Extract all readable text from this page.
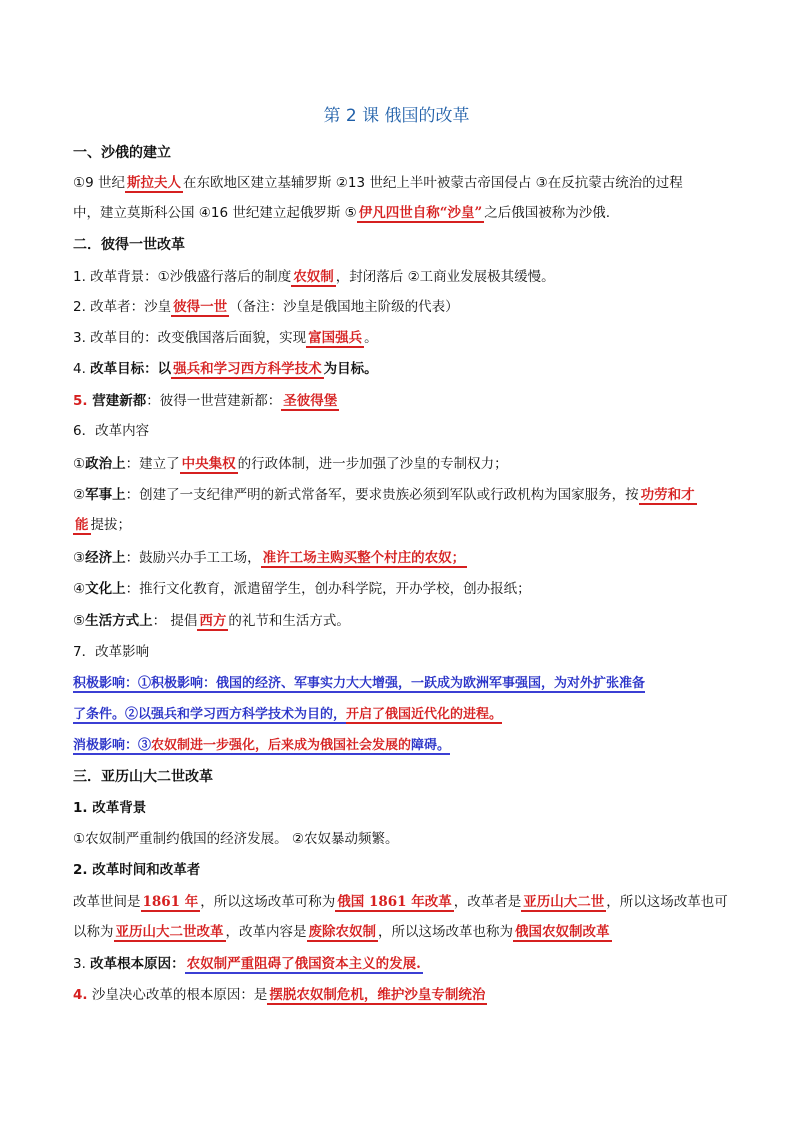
第 2 课 俄国的改革
一、沙俄的建立
①9 世纪 斯拉夫人 在东欧地区建立基辅罗斯 ②13 世纪上半叶被蒙古帝国侵占 ③在反抗蒙古统治的过程
中，建立莫斯科公国 ④16 世纪建立起俄罗斯 ⑤ 伊凡四世自称“沙皇” 之后俄国被称为沙俄.
二．彼得一世改革
1. 改革背景：①沙俄盛行落后的制度 农奴制 ，封闭落后 ②工商业发展极其缓慢。
2. 改革者：沙皇 彼得一世 （备注：沙皇是俄国地主阶级的代表）
3. 改革目的：改变俄国落后面貌，实现 富国强兵 。
4. 改革目标：以 强兵和学习西方科学技术 为目标。
5. 营建新都：彼得一世营建新都： 圣彼得堡
6．改革内容
①政治上：建立了 中央集权 的行政体制，进一步加强了沙皇的专制权力；
②军事上：创建了一支纪律严明的新式常备军，要求贵族必须到军队或行政机构为国家服务，按 功劳和才
能 提拔；
③经济上：鼓励兴办手工工场， 准许工场主购买整个村庄的农奴；
④文化上：推行文化教育，派遣留学生，创办科学院，开办学校，创办报纸；
⑤生活方式上： 提倡 西方 的礼节和生活方式。
7．改革影响
积极影响：①积极影响：俄国的经济、军事实力大大增强，一跃成为欧洲军事强国，为对外扩张准备
了条件。②以强兵和学习西方科学技术为目的，开启了俄国近代化的进程。
消极影响：③农奴制进一步强化，后来成为俄国社会发展的障碍。
三．亚历山大二世改革
1. 改革背景
①农奴制严重制约俄国的经济发展。 ②农奴暴动频繁。
2. 改革时间和改革者
改革世间是 1861 年 ，所以这场改革可称为 俄国 1861 年改革 ，改革者是 亚历山大二世 ，所以这场改革也可
以称为 亚历山大二世改革 ，改革内容是 废除农奴制 ，所以这场改革也称为 俄国农奴制改革
3. 改革根本原因： 农奴制严重阻碍了俄国资本主义的发展.
4. 沙皇决心改革的根本原因：是 摆脱农奴制危机，维护沙皇专制统治
